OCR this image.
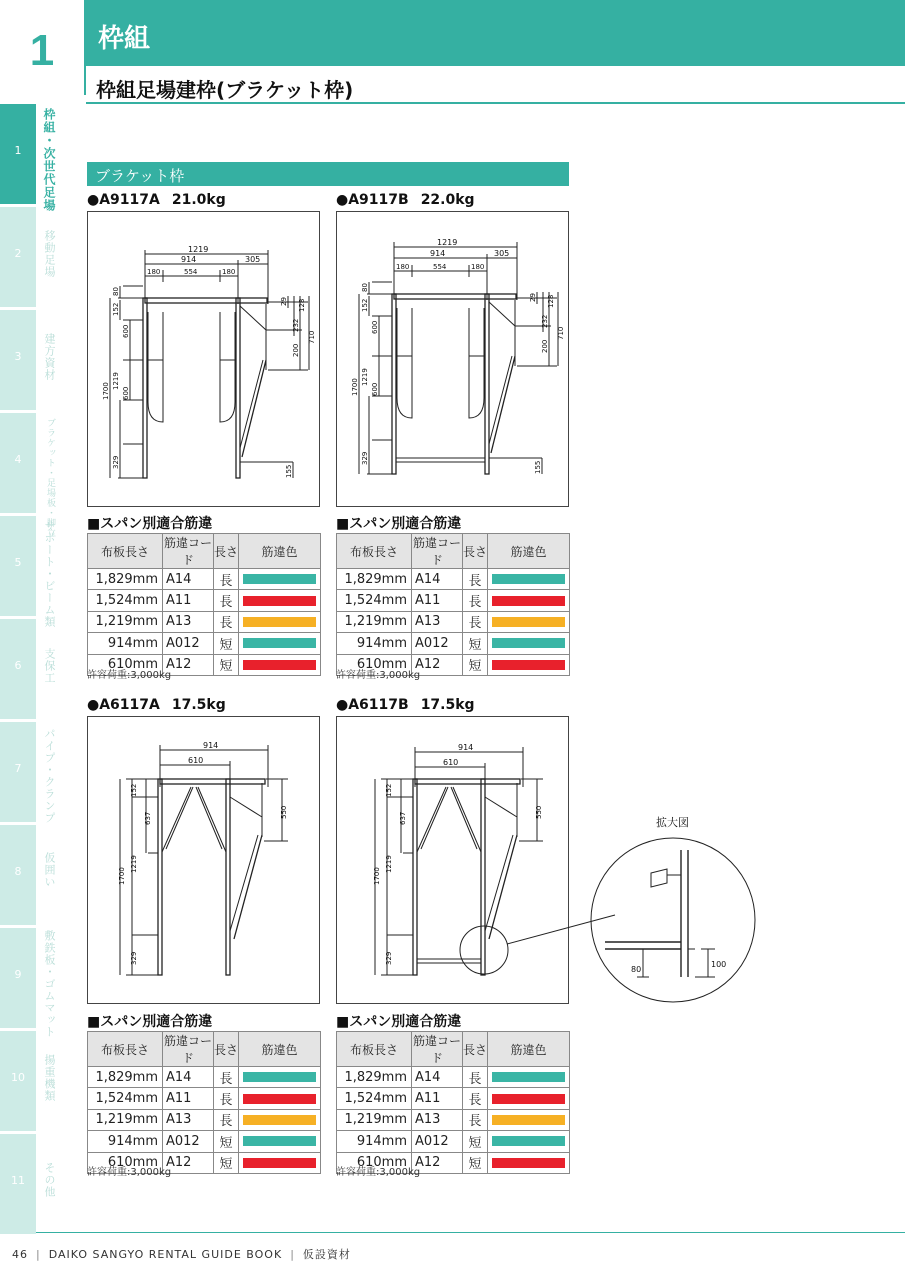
1	枠組
枠組足場建枠(ブラケット枠)
1
2
3
4
5
6
7
8
9
10
11
枠組・次世代足場
移動足場
建方資材
ブラケット・足場板・脚立
サポート・ビーム類
支保工
パイプ・クランプ
仮囲い
敷鉄板・ゴムマット
揚重機類
その他
ブラケット枠
●A9117A 21.0kg	●A9117B 22.0kg
●A6117A 17.5kg	●A6117B 17.5kg
1219
914	305
180	554	180
80
152
600
1219
1700 600
329
29 128
232
200
710
155
1219
914	305
180	554	180
80
152
600
1219
1700 600
329
29 128
232
200
710
155
914
610
152
637	550
1219
1700
329
914
610
152
637	550
1219
1700
329
拡大図
80
100
■スパン別適合筋違	■スパン別適合筋違
■スパン別適合筋違	■スパン別適合筋違
布板長さ	筋違コード	長さ	筋違色
1,829mm	A14	長	

1,524mm	A11	長	

1,219mm	A13	長	

914mm	A012	短	

610mm	A12	短	
布板長さ	筋違コード	長さ	筋違色
1,829mm	A14	長	

1,524mm	A11	長	

1,219mm	A13	長	

914mm	A012	短	

610mm	A12	短	
布板長さ	筋違コード	長さ	筋違色
1,829mm	A14	長	

1,524mm	A11	長	

1,219mm	A13	長	

914mm	A012	短	

610mm	A12	短	
布板長さ	筋違コード	長さ	筋違色
1,829mm	A14	長	

1,524mm	A11	長	

1,219mm	A13	長	

914mm	A012	短	

610mm	A12	短	
許容荷重:3,000kg	許容荷重:3,000kg
許容荷重:3,000kg	許容荷重:3,000kg
46 | DAIKO SANGYO RENTAL GUIDE BOOK | 仮設資材
